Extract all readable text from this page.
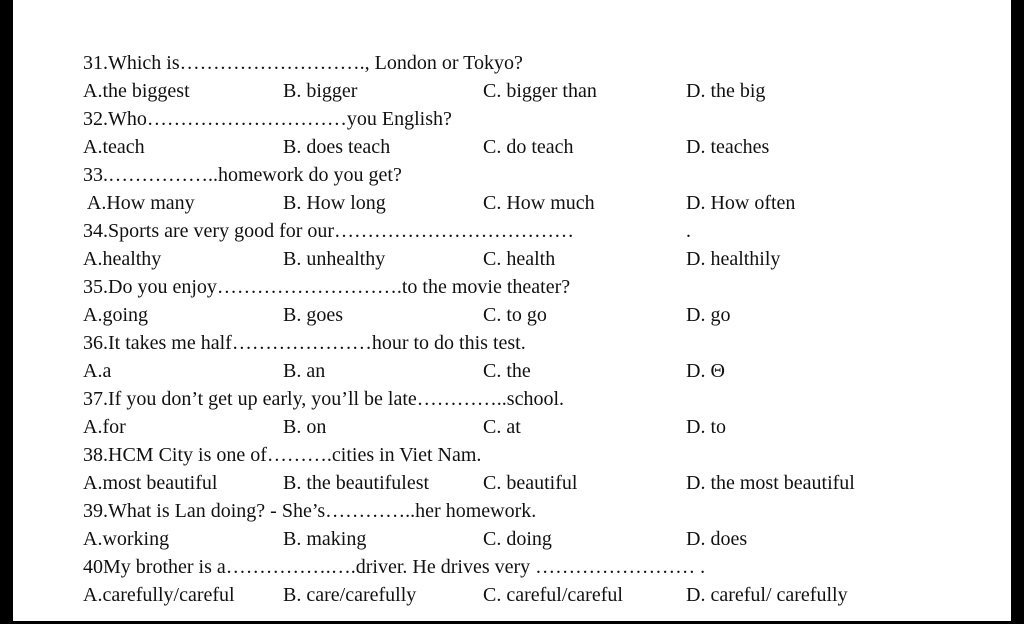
31.Which is………………………., London or Tokyo?
A.the biggest	B. bigger	C. bigger than	D. the big
32.Who…………………………you English?
A.teach	B. does teach	C. do teach	D. teaches
33.……………..homework do you get?
A.How many	B. How long	C. How much	D. How often
34.Sports are very good for our………………………………	.
A.healthy	B. unhealthy	C. health	D. healthily
35.Do you enjoy……………………….to the movie theater?
A.going	B. goes	C. to go	D. go
36.It takes me half…………………hour to do this test.
A.a	B. an	C. the	D. Θ
37.If you don’t get up early, you’ll be late…………..school.
A.for	B. on	C. at	D. to
38.HCM City is one of……….cities in Viet Nam.
A.most beautiful	B. the beautifulest	C. beautiful	D. the most beautiful
39.What is Lan doing? - She’s…………..her homework.
A.working	B. making	C. doing	D. does
40My brother is a…………….….driver. He drives very …………………… .
A.carefully/careful B. care/carefully	C. careful/careful	D. careful/ carefully
